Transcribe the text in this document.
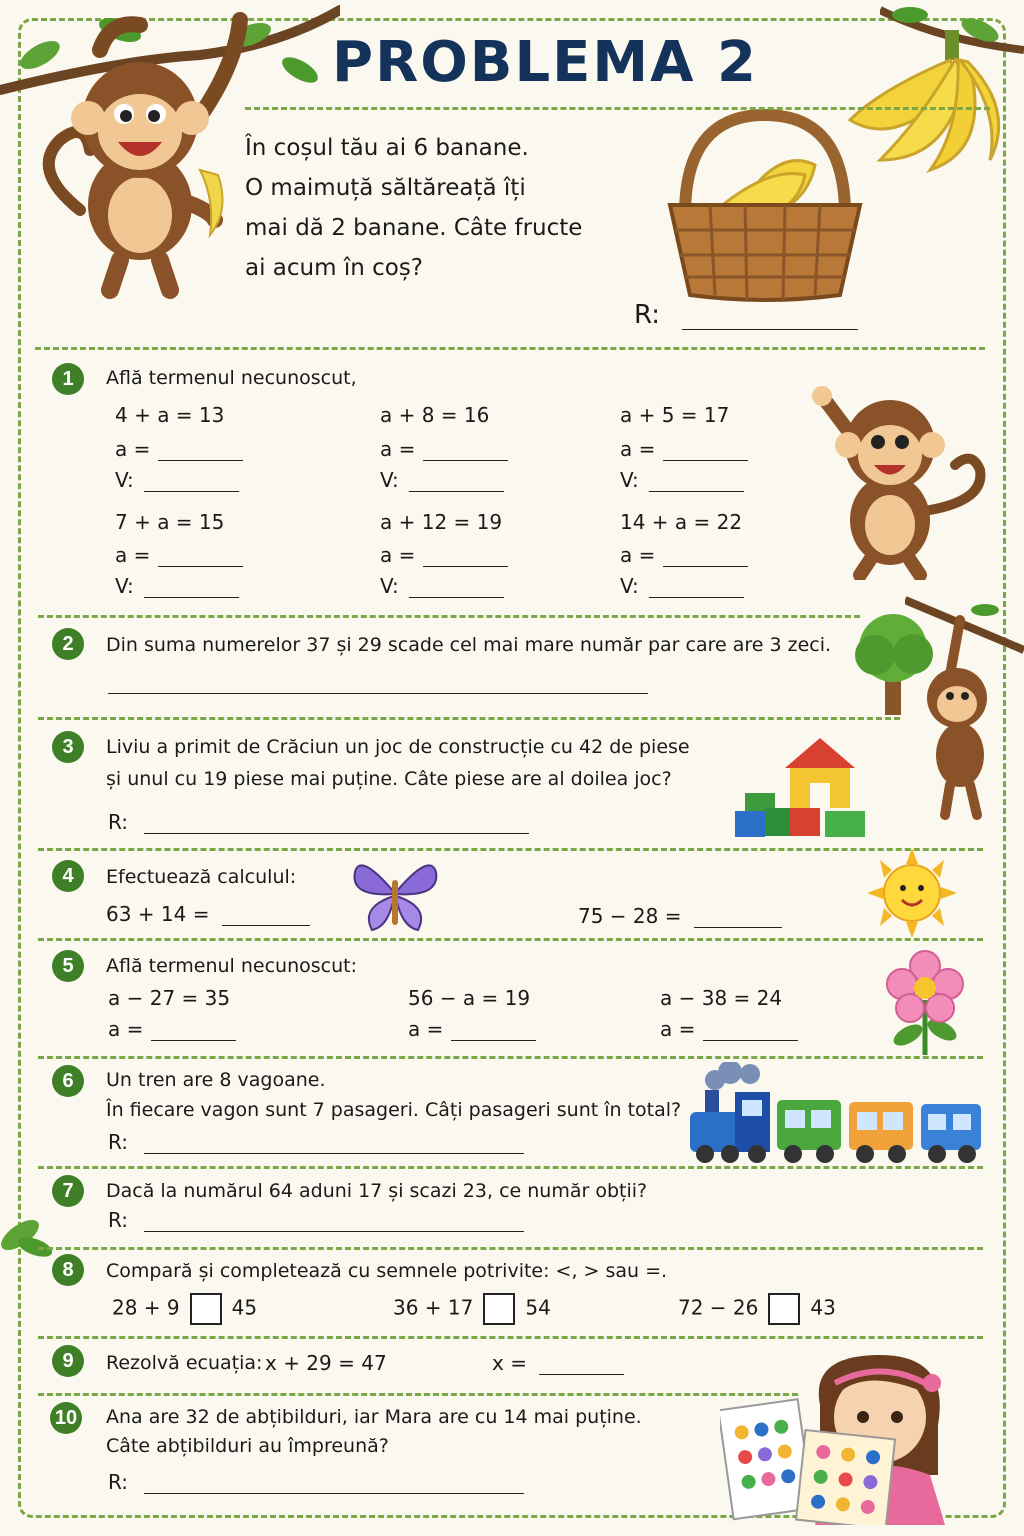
PROBLEMA 2
În coșul tău ai 6 banane.
O maimuță săltăreață îți
mai dă 2 banane. Câte fructe
ai acum în coș?
R:
1	Află termenul necunoscut,
4 + a = 13
a =
V:
a + 8 = 16
a =
V:
a + 5 = 17
a =
V:
7 + a = 15
a =
V:
a + 12 = 19
a =
V:
14 + a = 22
a =
V:
2	Din suma numerelor 37 și 29 scade cel mai mare număr par care are 3 zeci.
3	Liviu a primit de Crăciun un joc de construcție cu 42 de piese
și unul cu 19 piese mai puține. Câte piese are al doilea joc?
R:
4	Efectuează calculul:
63 + 14 =	75 − 28 =
5	Află termenul necunoscut:
a − 27 = 35
a =
56 − a = 19
a =
a − 38 = 24
a =
6	Un tren are 8 vagoane.
În fiecare vagon sunt 7 pasageri. Câți pasageri sunt în total?
R:
7	Dacă la numărul 64 aduni 17 și scazi 23, ce număr obții?
R:
8	Compară și completează cu semnele potrivite: <, > sau =.
28 + 9	45	36 + 17	54	72 − 26	43
9	Rezolvă ecuația: x + 29 = 47	x =
10 Ana are 32 de abțibilduri, iar Mara are cu 14 mai puține.
Câte abțibilduri au împreună?
R:
